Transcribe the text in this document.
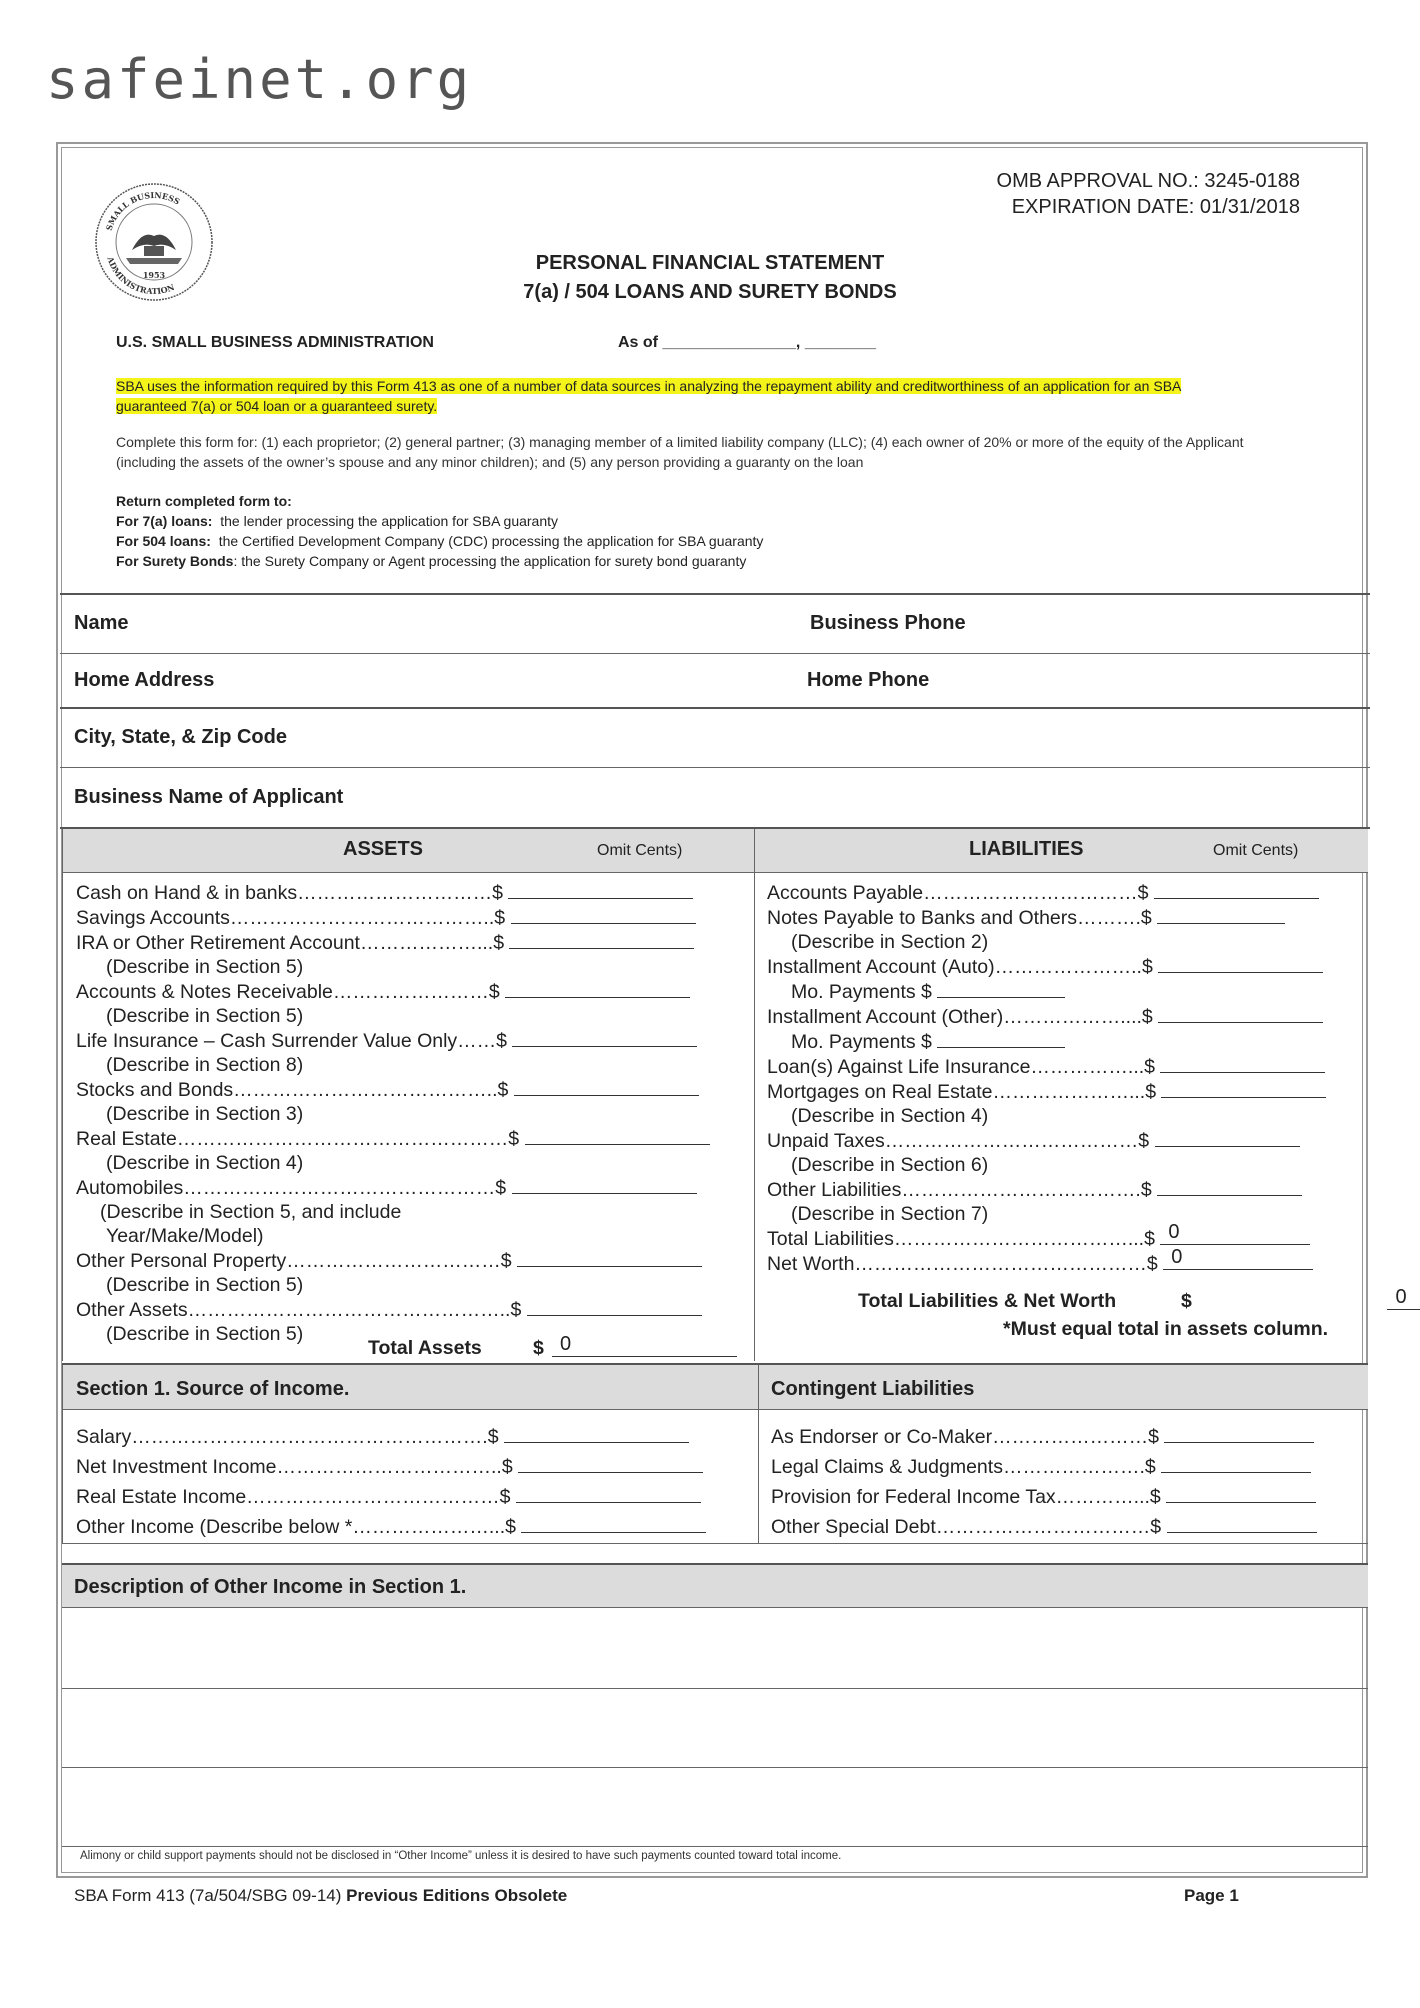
safeinet.org
SMALL BUSINESS
ADMINISTRATION
1953
OMB APPROVAL NO.: 3245-0188
EXPIRATION DATE: 01/31/2018
PERSONAL FINANCIAL STATEMENT
7(a) / 504 LOANS AND SURETY BONDS
U.S. SMALL BUSINESS ADMINISTRATION	As of _______________, ________
SBA uses the information required by this Form 413 as one of a number of data sources in analyzing the repayment ability and creditworthiness of an application for an SBA guaranteed 7(a) or 504 loan or a guaranteed surety.
Complete this form for: (1) each proprietor; (2) general partner; (3) managing member of a limited liability company (LLC); (4) each owner of 20% or more of the equity of the Applicant (including the assets of the owner’s spouse and any minor children); and (5) any person providing a guaranty on the loan
Return completed form to:
For 7(a) loans: the lender processing the application for SBA guaranty
For 504 loans: the Certified Development Company (CDC) processing the application for SBA guaranty
For Surety Bonds: the Surety Company or Agent processing the application for surety bond guaranty
Name	Business Phone
Home Address	Home Phone
City, State, & Zip Code
Business Name of Applicant
ASSETS	Omit Cents)	LIABILITIES	Omit Cents)
Cash on Hand & in banks…………………………$
Savings Accounts…………………………………..$
IRA or Other Retirement Account………………...$
(Describe in Section 5)
Accounts & Notes Receivable……………………$
(Describe in Section 5)
Life Insurance – Cash Surrender Value Only……$
(Describe in Section 8)
Stocks and Bonds…………………………………..$
(Describe in Section 3)
Real Estate……………………………………………$
(Describe in Section 4)
Automobiles…………………………………………$
(Describe in Section 5, and include
Year/Make/Model)
Other Personal Property……………………………$
(Describe in Section 5)
Other Assets…………………………………………..$
(Describe in Section 5)
Total Assets	$ 0

Accounts Payable……………………………$
Notes Payable to Banks and Others……….$
(Describe in Section 2)
Installment Account (Auto)…………………..$
Mo. Payments $
Installment Account (Other)………………....$
Mo. Payments $
Loan(s) Against Life Insurance……………...$
Mortgages on Real Estate…………………...$
(Describe in Section 4)
Unpaid Taxes…………………………………$
(Describe in Section 6)
Other Liabilities……………………………….$
(Describe in Section 7)
Total Liabilities………………………………...$ 0
Net Worth………………………………………$ 0
Total Liabilities & Net Worth	$	0
*Must equal total in assets column.
Section 1. Source of Income.	Contingent Liabilities
Salary……………………………………………….$
Net Investment Income……………………………..$
Real Estate Income…………………………………$
Other Income (Describe below *…………………...$
As Endorser or Co-Maker……………………$
Legal Claims & Judgments………………….$
Provision for Federal Income Tax…………...$
Other Special Debt……………………………$
Description of Other Income in Section 1.
Alimony or child support payments should not be disclosed in “Other Income” unless it is desired to have such payments counted toward total income.
SBA Form 413 (7a/504/SBG 09-14) Previous Editions Obsolete	Page 1
